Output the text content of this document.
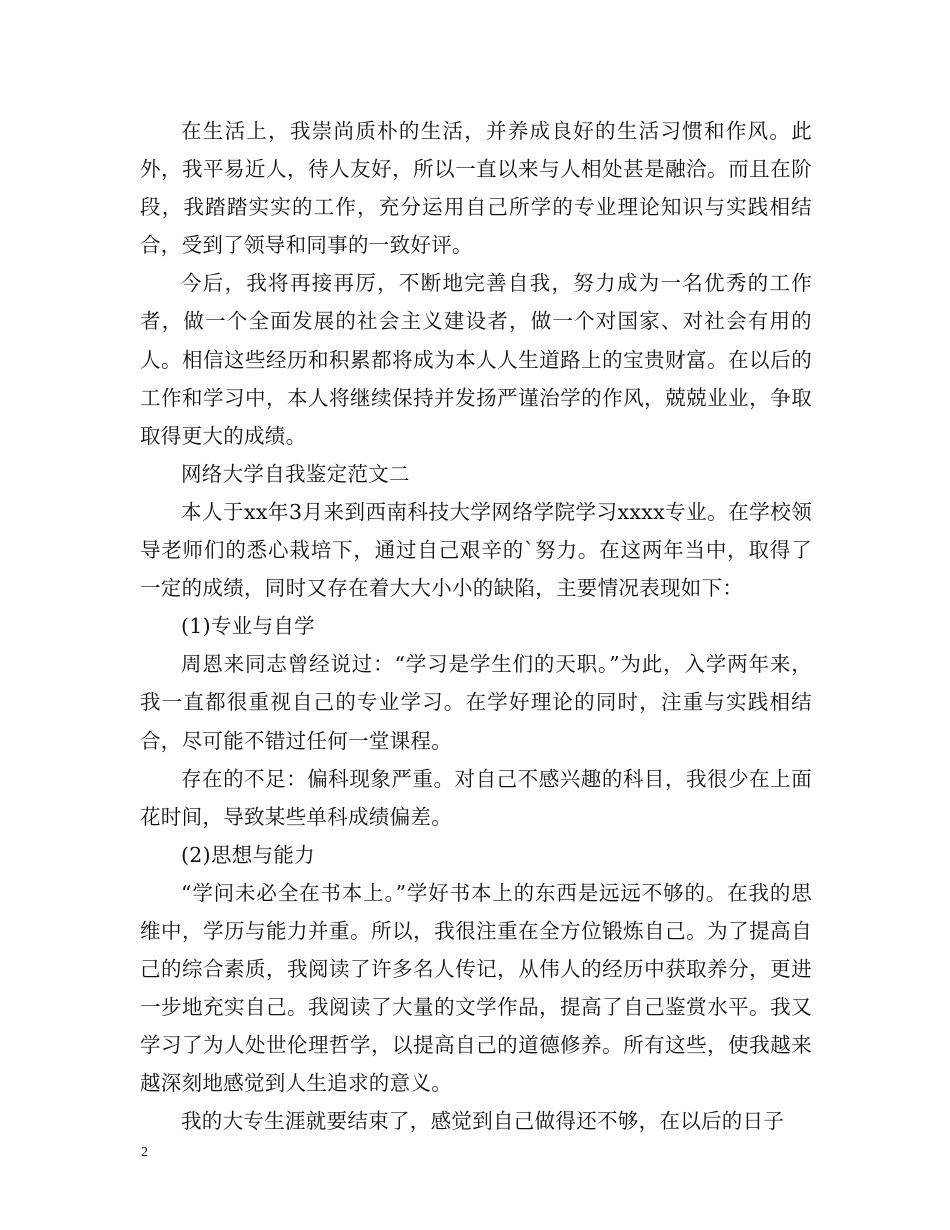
在生活上，我崇尚质朴的生活，并养成良好的生活习惯和作风。此外，我平易近人，待人友好，所以一直以来与人相处甚是融洽。而且在阶段，我踏踏实实的工作，充分运用自己所学的专业理论知识与实践相结合，受到了领导和同事的一致好评。

今后，我将再接再厉，不断地完善自我，努力成为一名优秀的工作者，做一个全面发展的社会主义建设者，做一个对国家、对社会有用的人。相信这些经历和积累都将成为本人人生道路上的宝贵财富。在以后的工作和学习中，本人将继续保持并发扬严谨治学的作风，兢兢业业，争取取得更大的成绩。

网络大学自我鉴定范文二

本人于xx年3月来到西南科技大学网络学院学习xxxx专业。在学校领导老师们的悉心栽培下，通过自己艰辛的`努力。在这两年当中，取得了一定的成绩，同时又存在着大大小小的缺陷，主要情况表现如下：

(1)专业与自学

周恩来同志曾经说过：“学习是学生们的天职。”为此，入学两年来，我一直都很重视自己的专业学习。在学好理论的同时，注重与实践相结合，尽可能不错过任何一堂课程。

存在的不足：偏科现象严重。对自己不感兴趣的科目，我很少在上面花时间，导致某些单科成绩偏差。

(2)思想与能力

“学问未必全在书本上。”学好书本上的东西是远远不够的。在我的思维中，学历与能力并重。所以，我很注重在全方位锻炼自己。为了提高自己的综合素质，我阅读了许多名人传记，从伟人的经历中获取养分，更进一步地充实自己。我阅读了大量的文学作品，提高了自己鉴赏水平。我又学习了为人处世伦理哲学，以提高自己的道德修养。所有这些，使我越来越深刻地感觉到人生追求的意义。

我的大专生涯就要结束了，感觉到自己做得还不够，在以后的日子

2
